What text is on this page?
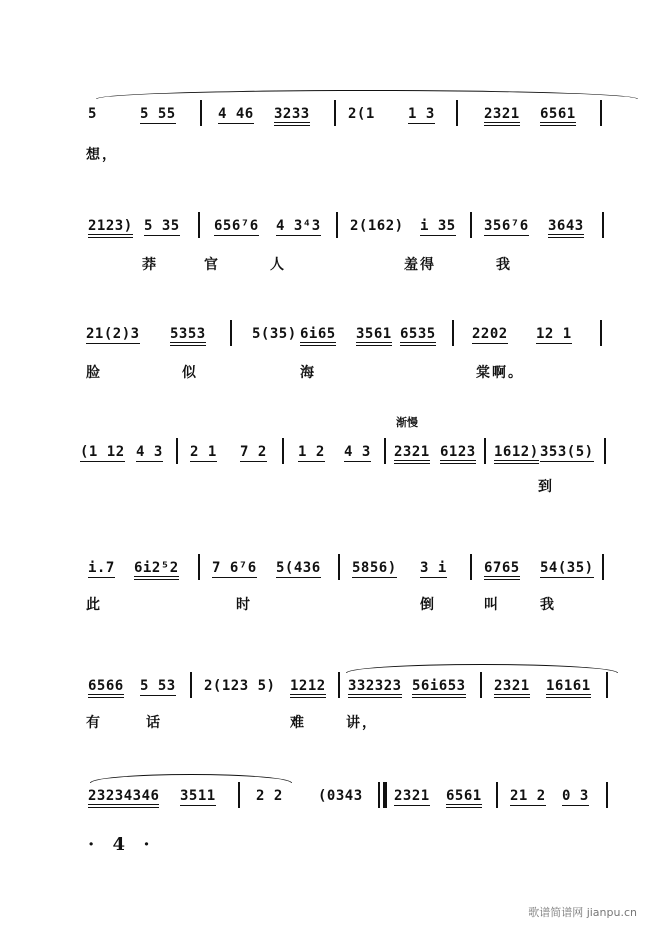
5	5 55	4 46 3233	2(1 1 3	2321 6561
想，
2123) 5 35 656⁷6 4 3⁴3 2(162) i 35 356⁷6 3643
莽	官	人	羞得	我
21(2)3 5353	5(35) 6i65 3561 6535	2202 12 1
脸	似	海	棠啊。
渐慢
(1 12 4 3 2 1 7 2 1 2 4 3 2321 6123 1612) 353(5)
到
i.7 6i2⁵2 7 6⁷6 5(436 5856) 3 i	6765 54(35)
此	时	倒	叫	我
6566 5 53 2(123 5) 1212 332323 56i653 2321 16161
有	话	难	讲，
23234346 3511	2 2	(0343 2321 6561 21 2 0 3
· 4 ·
歌谱简谱网 jianpu.cn
